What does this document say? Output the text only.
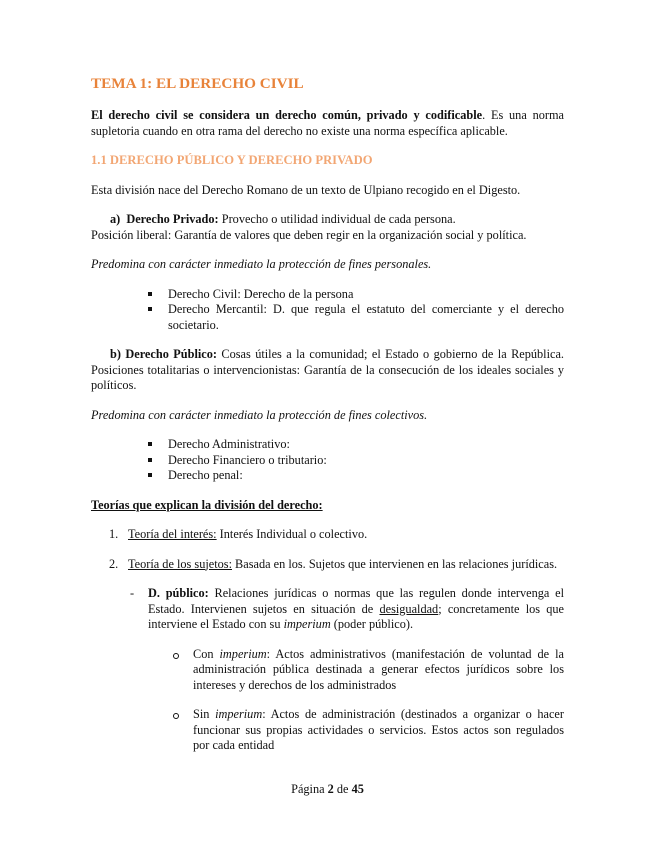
TEMA 1: EL DERECHO CIVIL

El derecho civil se considera un derecho común, privado y codificable. Es una norma supletoria cuando en otra rama del derecho no existe una norma específica aplicable.

1.1 DERECHO PÚBLICO Y DERECHO PRIVADO

Esta división nace del Derecho Romano de un texto de Ulpiano recogido en el Digesto.

a) Derecho Privado: Provecho o utilidad individual de cada persona.

Posición liberal: Garantía de valores que deben regir en la organización social y política.

Predomina con carácter inmediato la protección de fines personales.

Derecho Civil: Derecho de la persona
Derecho Mercantil: D. que regula el estatuto del comerciante y el derecho societario.

b) Derecho Público: Cosas útiles a la comunidad; el Estado o gobierno de la República. Posiciones totalitarias o intervencionistas: Garantía de la consecución de los ideales sociales y políticos.

Predomina con carácter inmediato la protección de fines colectivos.

Derecho Administrativo:
Derecho Financiero o tributario:
Derecho penal:

Teorías que explican la división del derecho:

1. Teoría del interés: Interés Individual o colectivo.
2. Teoría de los sujetos: Basada en los. Sujetos que intervienen en las relaciones jurídicas.
- D. público: Relaciones jurídicas o normas que las regulen donde intervenga el Estado. Intervienen sujetos en situación de desigualdad; concretamente los que interviene el Estado con su imperium (poder público).
Con imperium: Actos administrativos (manifestación de voluntad de la administración pública destinada a generar efectos jurídicos sobre los intereses y derechos de los administrados
Sin imperium: Actos de administración (destinados a organizar o hacer funcionar sus propias actividades o servicios. Estos actos son regulados por cada entidad
Página 2 de 45
